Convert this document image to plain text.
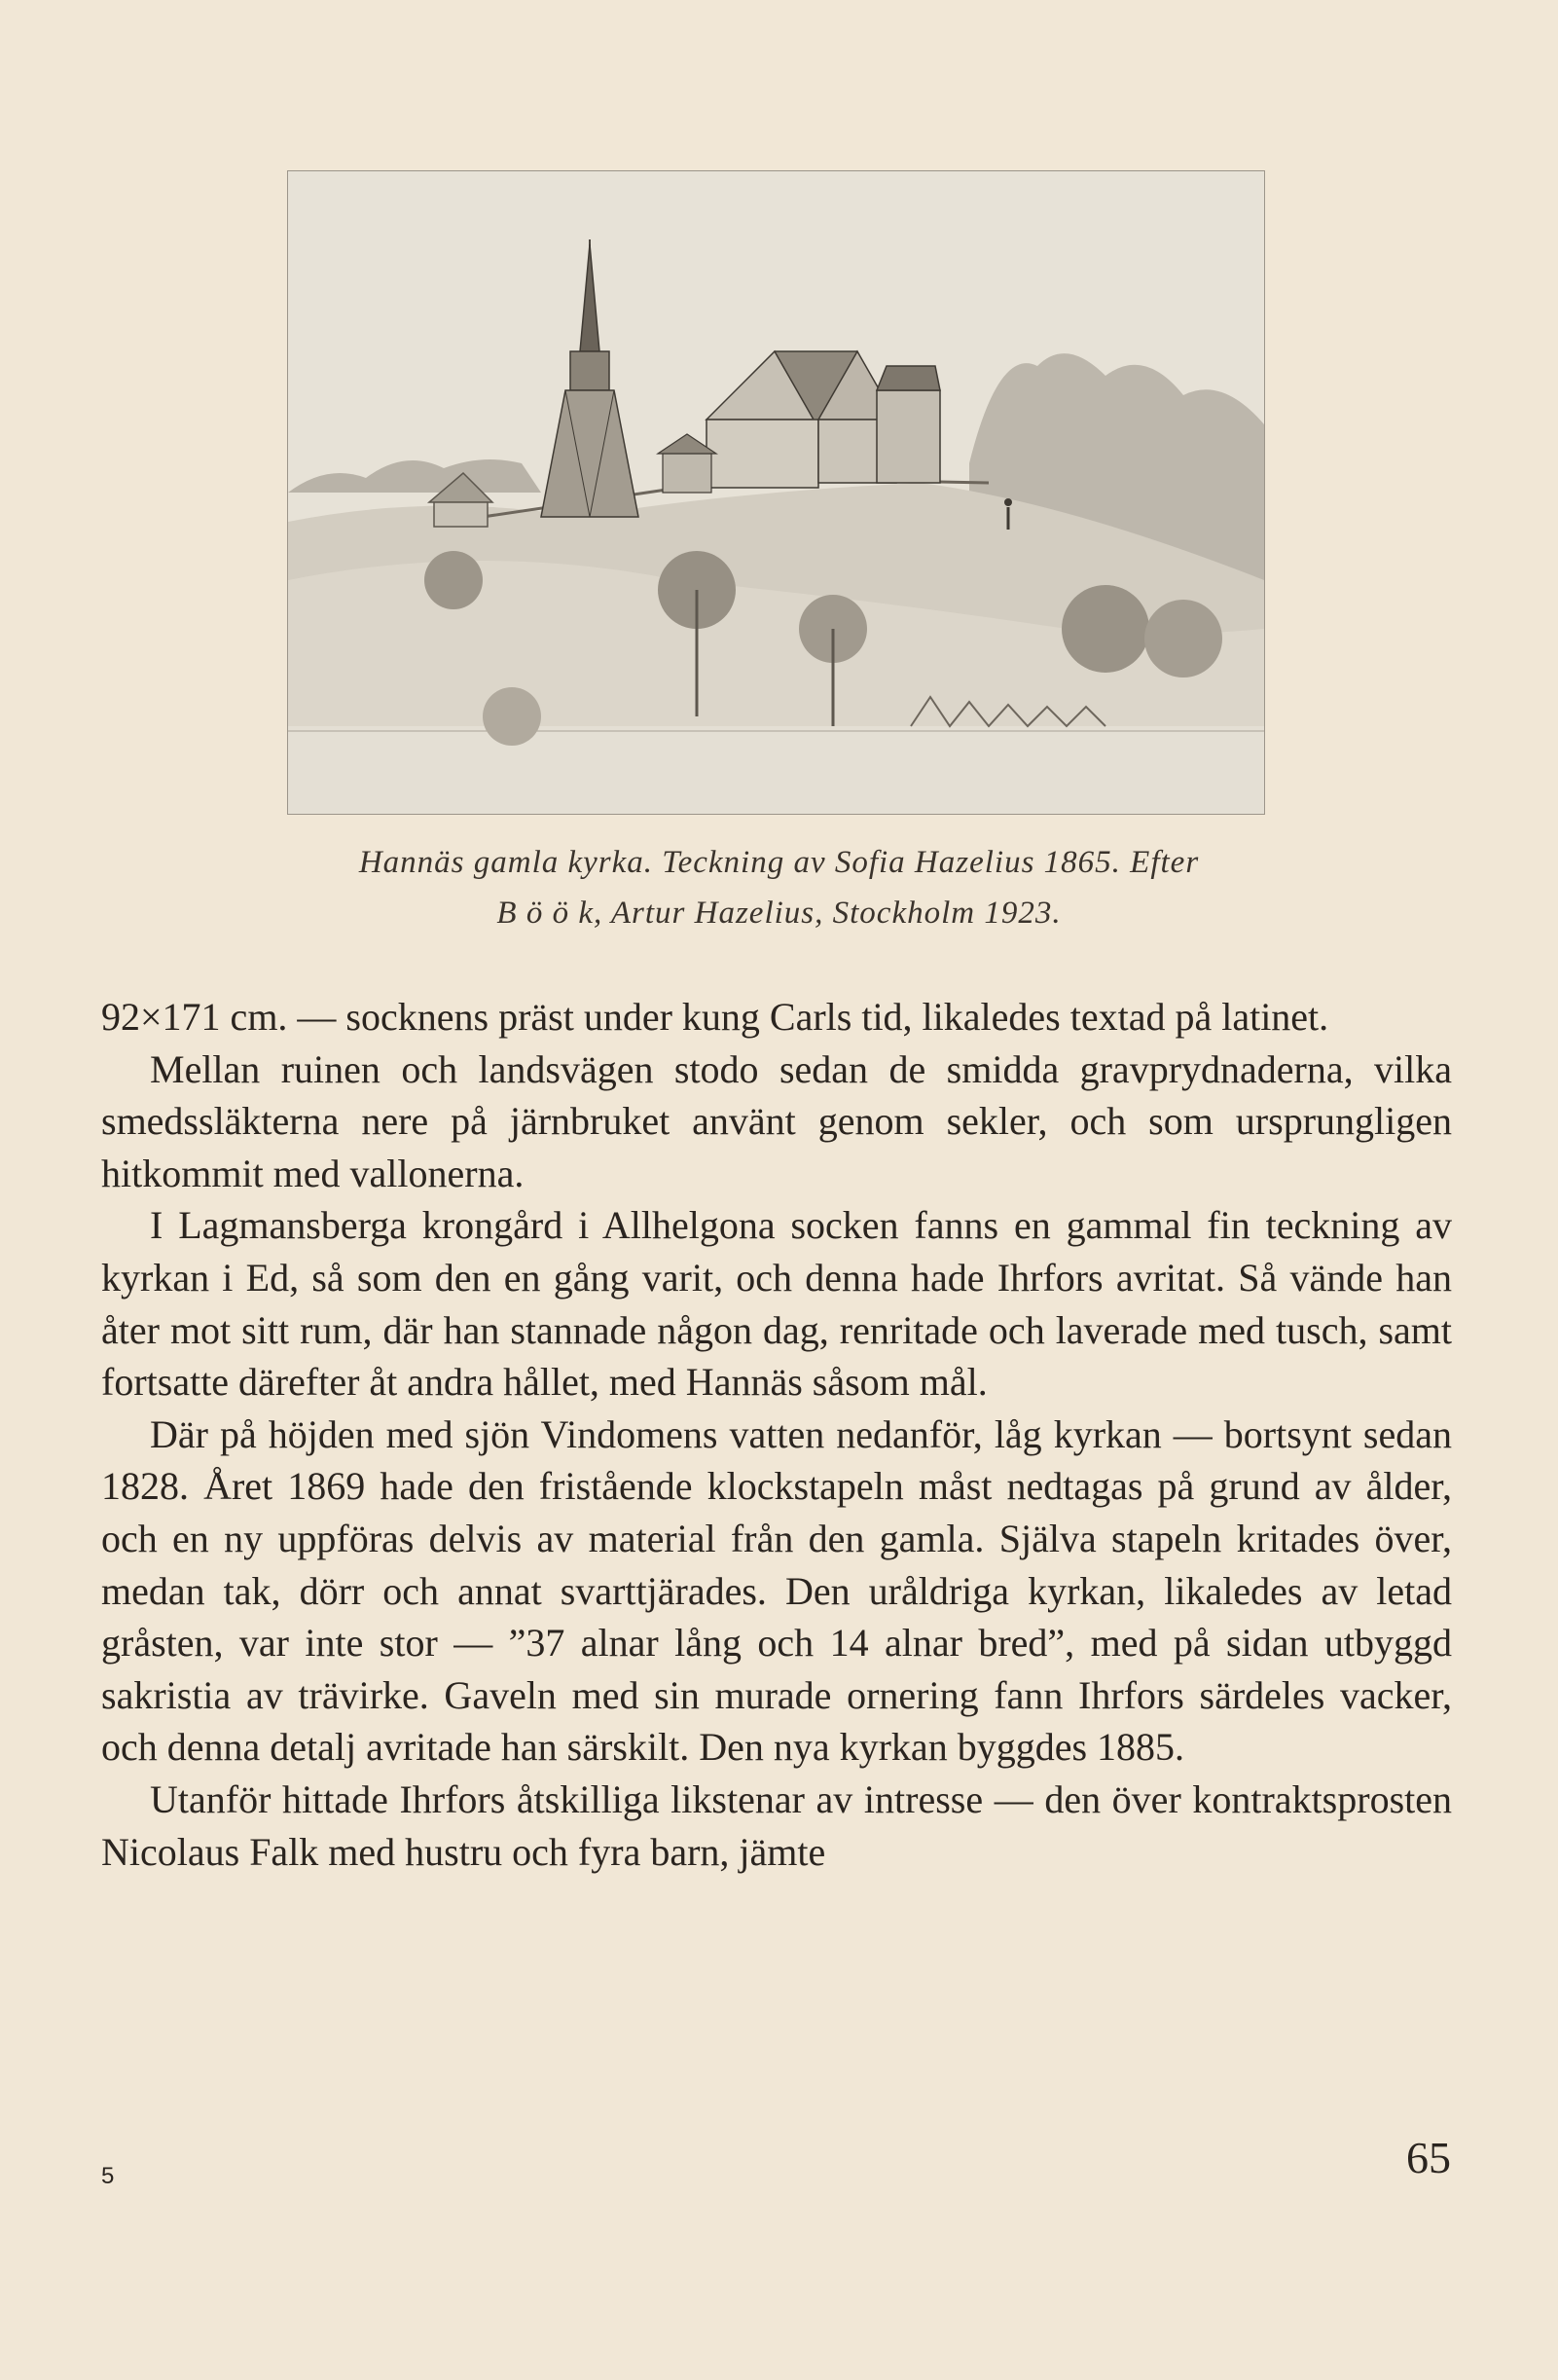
Hannäs gamla kyrka. Teckning av Sofia Hazelius 1865. Efter
B ö ö k, Artur Hazelius, Stockholm 1923.

92×171 cm. — socknens präst under kung Carls tid, likaledes textad på latinet.

Mellan ruinen och landsvägen stodo sedan de smidda gravprydnaderna, vilka smedssläkterna nere på järnbruket använt genom sekler, och som ursprungligen hitkommit med vallonerna.

I Lagmansberga krongård i Allhelgona socken fanns en gammal fin teckning av kyrkan i Ed, så som den en gång varit, och denna hade Ihrfors avritat. Så vände han åter mot sitt rum, där han stannade någon dag, renritade och laverade med tusch, samt fortsatte därefter åt andra hållet, med Hannäs såsom mål.

Där på höjden med sjön Vindomens vatten nedanför, låg kyrkan — bortsynt sedan 1828. Året 1869 hade den fristående klockstapeln måst nedtagas på grund av ålder, och en ny uppföras delvis av material från den gamla. Själva stapeln kritades över, medan tak, dörr och annat svarttjärades. Den uråldriga kyrkan, likaledes av letad gråsten, var inte stor — ”37 alnar lång och 14 alnar bred”, med på sidan utbyggd sakristia av trävirke. Gaveln med sin murade ornering fann Ihrfors särdeles vacker, och denna detalj avritade han särskilt. Den nya kyrkan byggdes 1885.

Utanför hittade Ihrfors åtskilliga likstenar av intresse — den över kontraktsprosten Nicolaus Falk med hustru och fyra barn, jämte

5	65
